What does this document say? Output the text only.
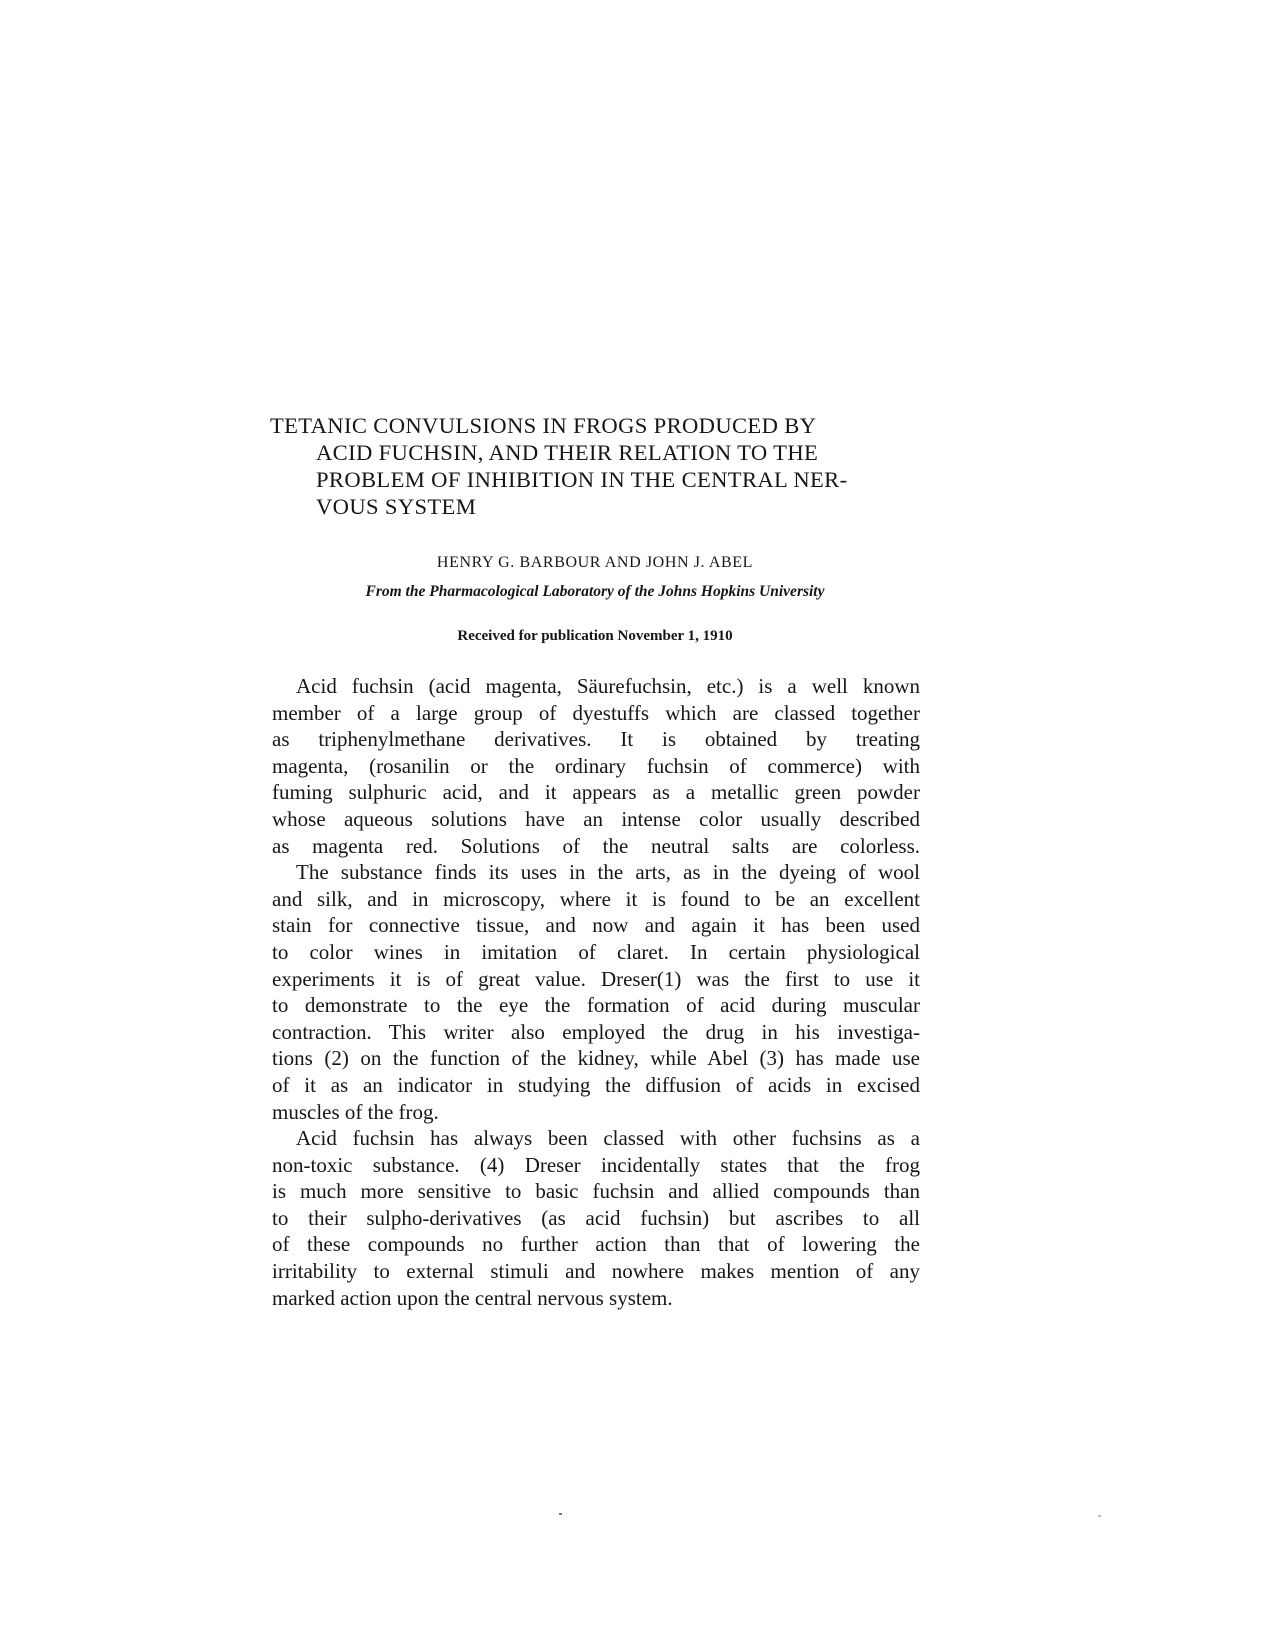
TETANIC CONVULSIONS IN FROGS PRODUCED BY

ACID FUCHSIN, AND THEIR RELATION TO THE

PROBLEM OF INHIBITION IN THE CENTRAL NER-

VOUS SYSTEM

HENRY G. BARBOUR AND JOHN J. ABEL

From the Pharmacological Laboratory of the Johns Hopkins University

Received for publication November 1, 1910

Acid fuchsin (acid magenta, Säurefuchsin, etc.) is a well known
member of a large group of dyestuffs which are classed together
as triphenylmethane derivatives. It is obtained by treating
magenta, (rosanilin or the ordinary fuchsin of commerce) with
fuming sulphuric acid, and it appears as a metallic green powder
whose aqueous solutions have an intense color usually described
as magenta red. Solutions of the neutral salts are colorless.

The substance finds its uses in the arts, as in the dyeing of wool
and silk, and in microscopy, where it is found to be an excellent
stain for connective tissue, and now and again it has been used
to color wines in imitation of claret. In certain physiological
experiments it is of great value. Dreser(1) was the first to use it
to demonstrate to the eye the formation of acid during muscular
contraction. This writer also employed the drug in his investiga-
tions (2) on the function of the kidney, while Abel (3) has made use
of it as an indicator in studying the diffusion of acids in excised
muscles of the frog.

Acid fuchsin has always been classed with other fuchsins as a
non-toxic substance. (4) Dreser incidentally states that the frog
is much more sensitive to basic fuchsin and allied compounds than
to their sulpho-derivatives (as acid fuchsin) but ascribes to all
of these compounds no further action than that of lowering the
irritability to external stimuli and nowhere makes mention of any
marked action upon the central nervous system.
